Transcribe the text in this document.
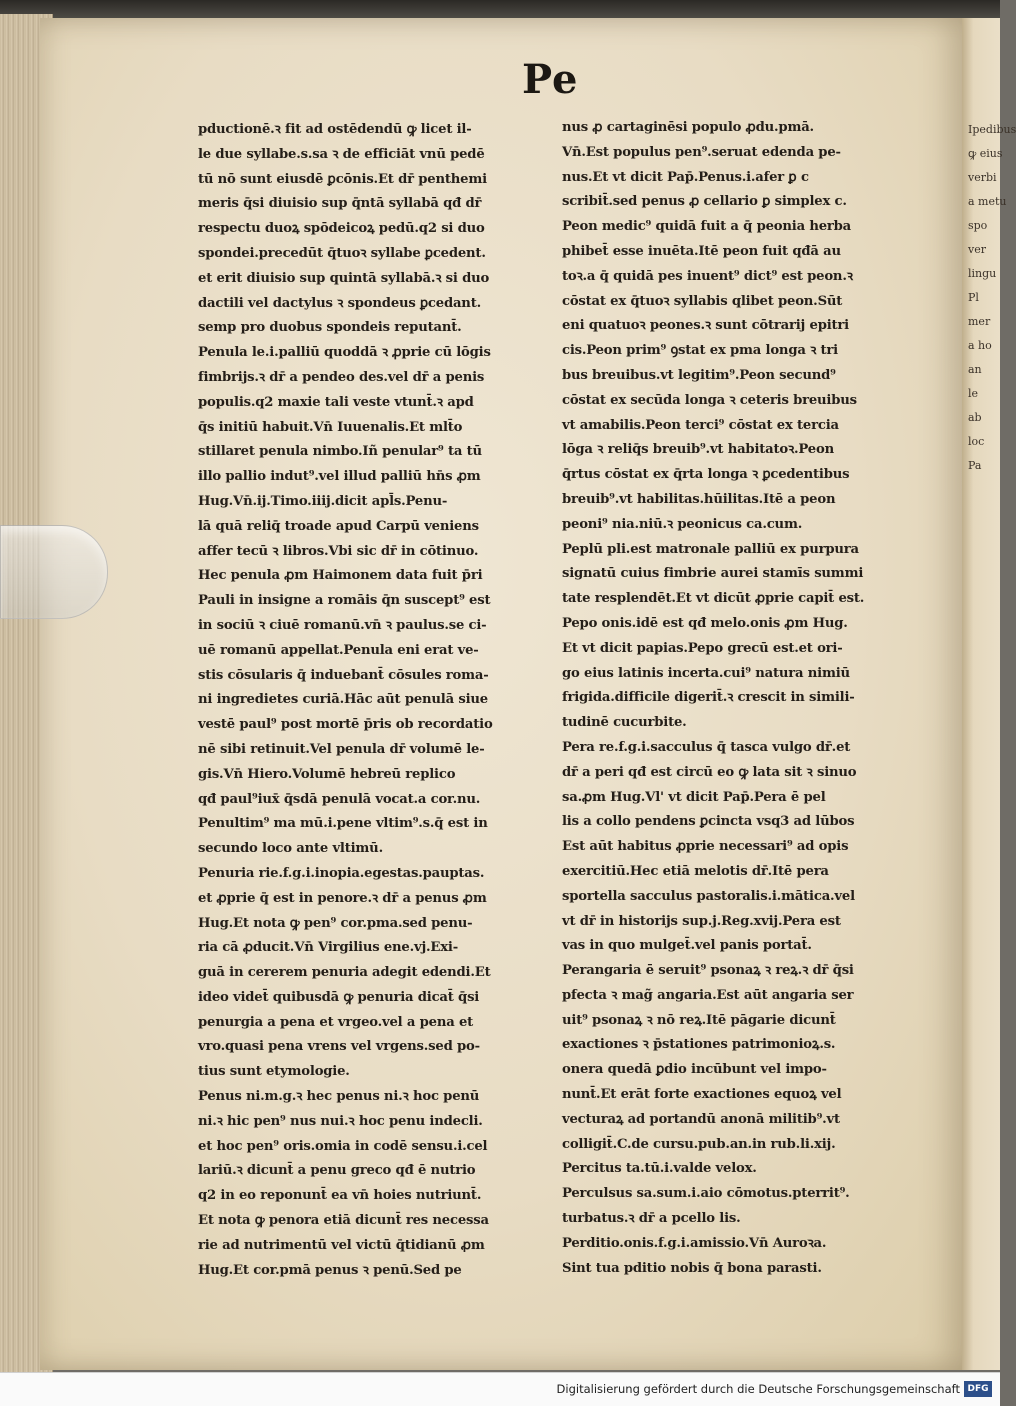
Ipedibus
ꝙ eius
verbi
a metu
spo
ver
lingu
Pl
mer
a ho
an
le
ab
loc
Pa
Pe
pductionē.ꝛ fit ad ostēdendū ꝙ licet il-
le due syllabe.s.sa ꝛ de efficiāt vnū pedē
tū nō sunt eiusdē ꝑcōnis.Et dr̄ penthemi
meris q̄si diuisio sup q̄ntā syllabā qđ dr̄
respectu duoꝝ spōdeicoꝝ pedū.q2 si duo
spondei.precedūt q̄tuoꝛ syllabe ꝑcedent.
et erit diuisio sup quintā syllabā.ꝛ si duo
dactili vel dactylus ꝛ spondeus ꝑcedant.
semp pro duobus spondeis reputant̄.
Penula le.i.palliū quoddā ꝛ ꝓprie cū lōgis
fimbrijs.ꝛ dr̄ a pendeo des.vel dr̄ a penis
populis.q2 maxie tali veste vtunt̄.ꝛ apd
q̄s initiū habuit.Vn̄ Iuuenalis.Et mlt̄o
stillaret penula nimbo.Iñ penular⁹ ta tū
illo pallio indut⁹.vel illud palliū hn̄s ꝓm
Hug.Vn̄.ij.Timo.iiij.dicit apl̄s.Penu-
lā quā reliq̄ troade apud Carpū veniens
affer tecū ꝛ libros.Vbi sic dr̄ in cōtinuo.
Hec penula ꝓm Haimonem data fuit p̄ri
Pauli in insigne a romāis q̄n suscept⁹ est
in sociū ꝛ ciuē romanū.vn̄ ꝛ paulus.se ci-
uē romanū appellat.Penula eni erat ve-
stis cōsularis q̄ induebant̄ cōsules roma-
ni ingredietes curiā.Hāc aūt penulā siue
vestē paul⁹ post mortē p̄ris ob recordatio
nē sibi retinuit.Vel penula dr̄ volumē le-
gis.Vn̄ Hiero.Volumē hebreū replico
qđ paul⁹iux̄ q̄sdā penulā vocat.a cor.nu.
Penultim⁹ ma mū.i.pene vltim⁹.s.q̄ est in
secundo loco ante vltimū.
Penuria rie.f.g.i.inopia.egestas.pauptas.
et ꝓprie q̄ est in penore.ꝛ dr̄ a penus ꝓm
Hug.Et nota ꝙ pen⁹ cor.pma.sed penu-
ria cā ꝓducit.Vn̄ Virgilius ene.vj.Exi-
guā in cererem penuria adegit edendi.Et
ideo videt̄ quibusdā ꝙ penuria dicat̄ q̄si
penurgia a pena et vrgeo.vel a pena et
vro.quasi pena vrens vel vrgens.sed po-
tius sunt etymologie.
Penus ni.m.g.ꝛ hec penus ni.ꝛ hoc penū
ni.ꝛ hic pen⁹ nus nui.ꝛ hoc penu indecli.
et hoc pen⁹ oris.omia in codē sensu.i.cel
lariū.ꝛ dicunt̄ a penu greco qđ ē nutrio
q2 in eo reponunt̄ ea vn̄ hoies nutriunt̄.
Et nota ꝙ penora etiā dicunt̄ res necessa
rie ad nutrimentū vel victū q̄tidianū ꝓm
Hug.Et cor.pmā penus ꝛ penū.Sed pe
nus ꝓ cartaginēsi populo ꝓdu.pmā.
Vn̄.Est populus pen⁹.seruat edenda pe-
nus.Et vt dicit Pap̄.Penus.i.afer ꝑ c
scribit̄.sed penus ꝓ cellario ꝑ simplex c.
Peon medic⁹ quidā fuit a q̄ peonia herba
phibet̄ esse inuēta.Itē peon fuit qđā au
toꝛ.a q̄ quidā pes inuent⁹ dict⁹ est peon.ꝛ
cōstat ex q̄tuoꝛ syllabis qlibet peon.Sūt
eni quatuoꝛ peones.ꝛ sunt cōtrarij epitri
cis.Peon prim⁹ ꝯstat ex pma longa ꝛ tri
bus breuibus.vt legitim⁹.Peon secund⁹
cōstat ex secūda longa ꝛ ceteris breuibus
vt amabilis.Peon terci⁹ cōstat ex tercia
lōga ꝛ reliq̄s breuib⁹.vt habitatoꝛ.Peon
q̄rtus cōstat ex q̄rta longa ꝛ ꝑcedentibus
breuib⁹.vt habilitas.hūilitas.Itē a peon
peoni⁹ nia.niū.ꝛ peonicus ca.cum.
Peplū pli.est matronale palliū ex purpura
signatū cuius fimbrie aurei stamīs summi
tate resplendēt.Et vt dicūt ꝓprie capit̄ est.
Pepo onis.idē est qđ melo.onis ꝓm Hug.
Et vt dicit papias.Pepo grecū est.et ori-
go eius latinis incerta.cui⁹ natura nimiū
frigida.difficile digerit̄.ꝛ crescit in simili-
tudinē cucurbite.
Pera re.f.g.i.sacculus q̄ tasca vulgo dr̄.et
dr̄ a peri qđ est circū eo ꝙ lata sit ꝛ sinuo
sa.ꝓm Hug.Vl' vt dicit Pap̄.Pera ē pel
lis a collo pendens ꝑcincta vsq3 ad lūbos
Est aūt habitus ꝓprie necessari⁹ ad opis
exercitiū.Hec etiā melotis dr̄.Itē pera
sportella sacculus pastoralis.i.mātica.vel
vt dr̄ in historijs sup.j.Reg.xvij.Pera est
vas in quo mulget̄.vel panis portat̄.
Perangaria ē seruit⁹ psonaꝝ ꝛ reꝝ.ꝛ dr̄ q̄si
pfecta ꝛ mag̃ angaria.Est aūt angaria ser
uit⁹ psonaꝝ ꝛ nō reꝝ.Itē pāgarie dicunt̄
exactiones ꝛ p̄stationes patrimonioꝝ.s.
onera quedā ꝑdio incūbunt vel impo-
nunt̄.Et erāt forte exactiones equoꝝ vel
vecturaꝝ ad portandū anonā militib⁹.vt
colligit̄.C.de cursu.pub.an.in rub.li.xij.
Percitus ta.tū.i.valde velox.
Perculsus sa.sum.i.aio cōmotus.pterrit⁹.
turbatus.ꝛ dr̄ a pcello lis.
Perditio.onis.f.g.i.amissio.Vn̄ Auroꝛa.
Sint tua pditio nobis q̄ bona parasti.
Digitalisierung gefördert durch die Deutsche Forschungsgemeinschaft DFG
